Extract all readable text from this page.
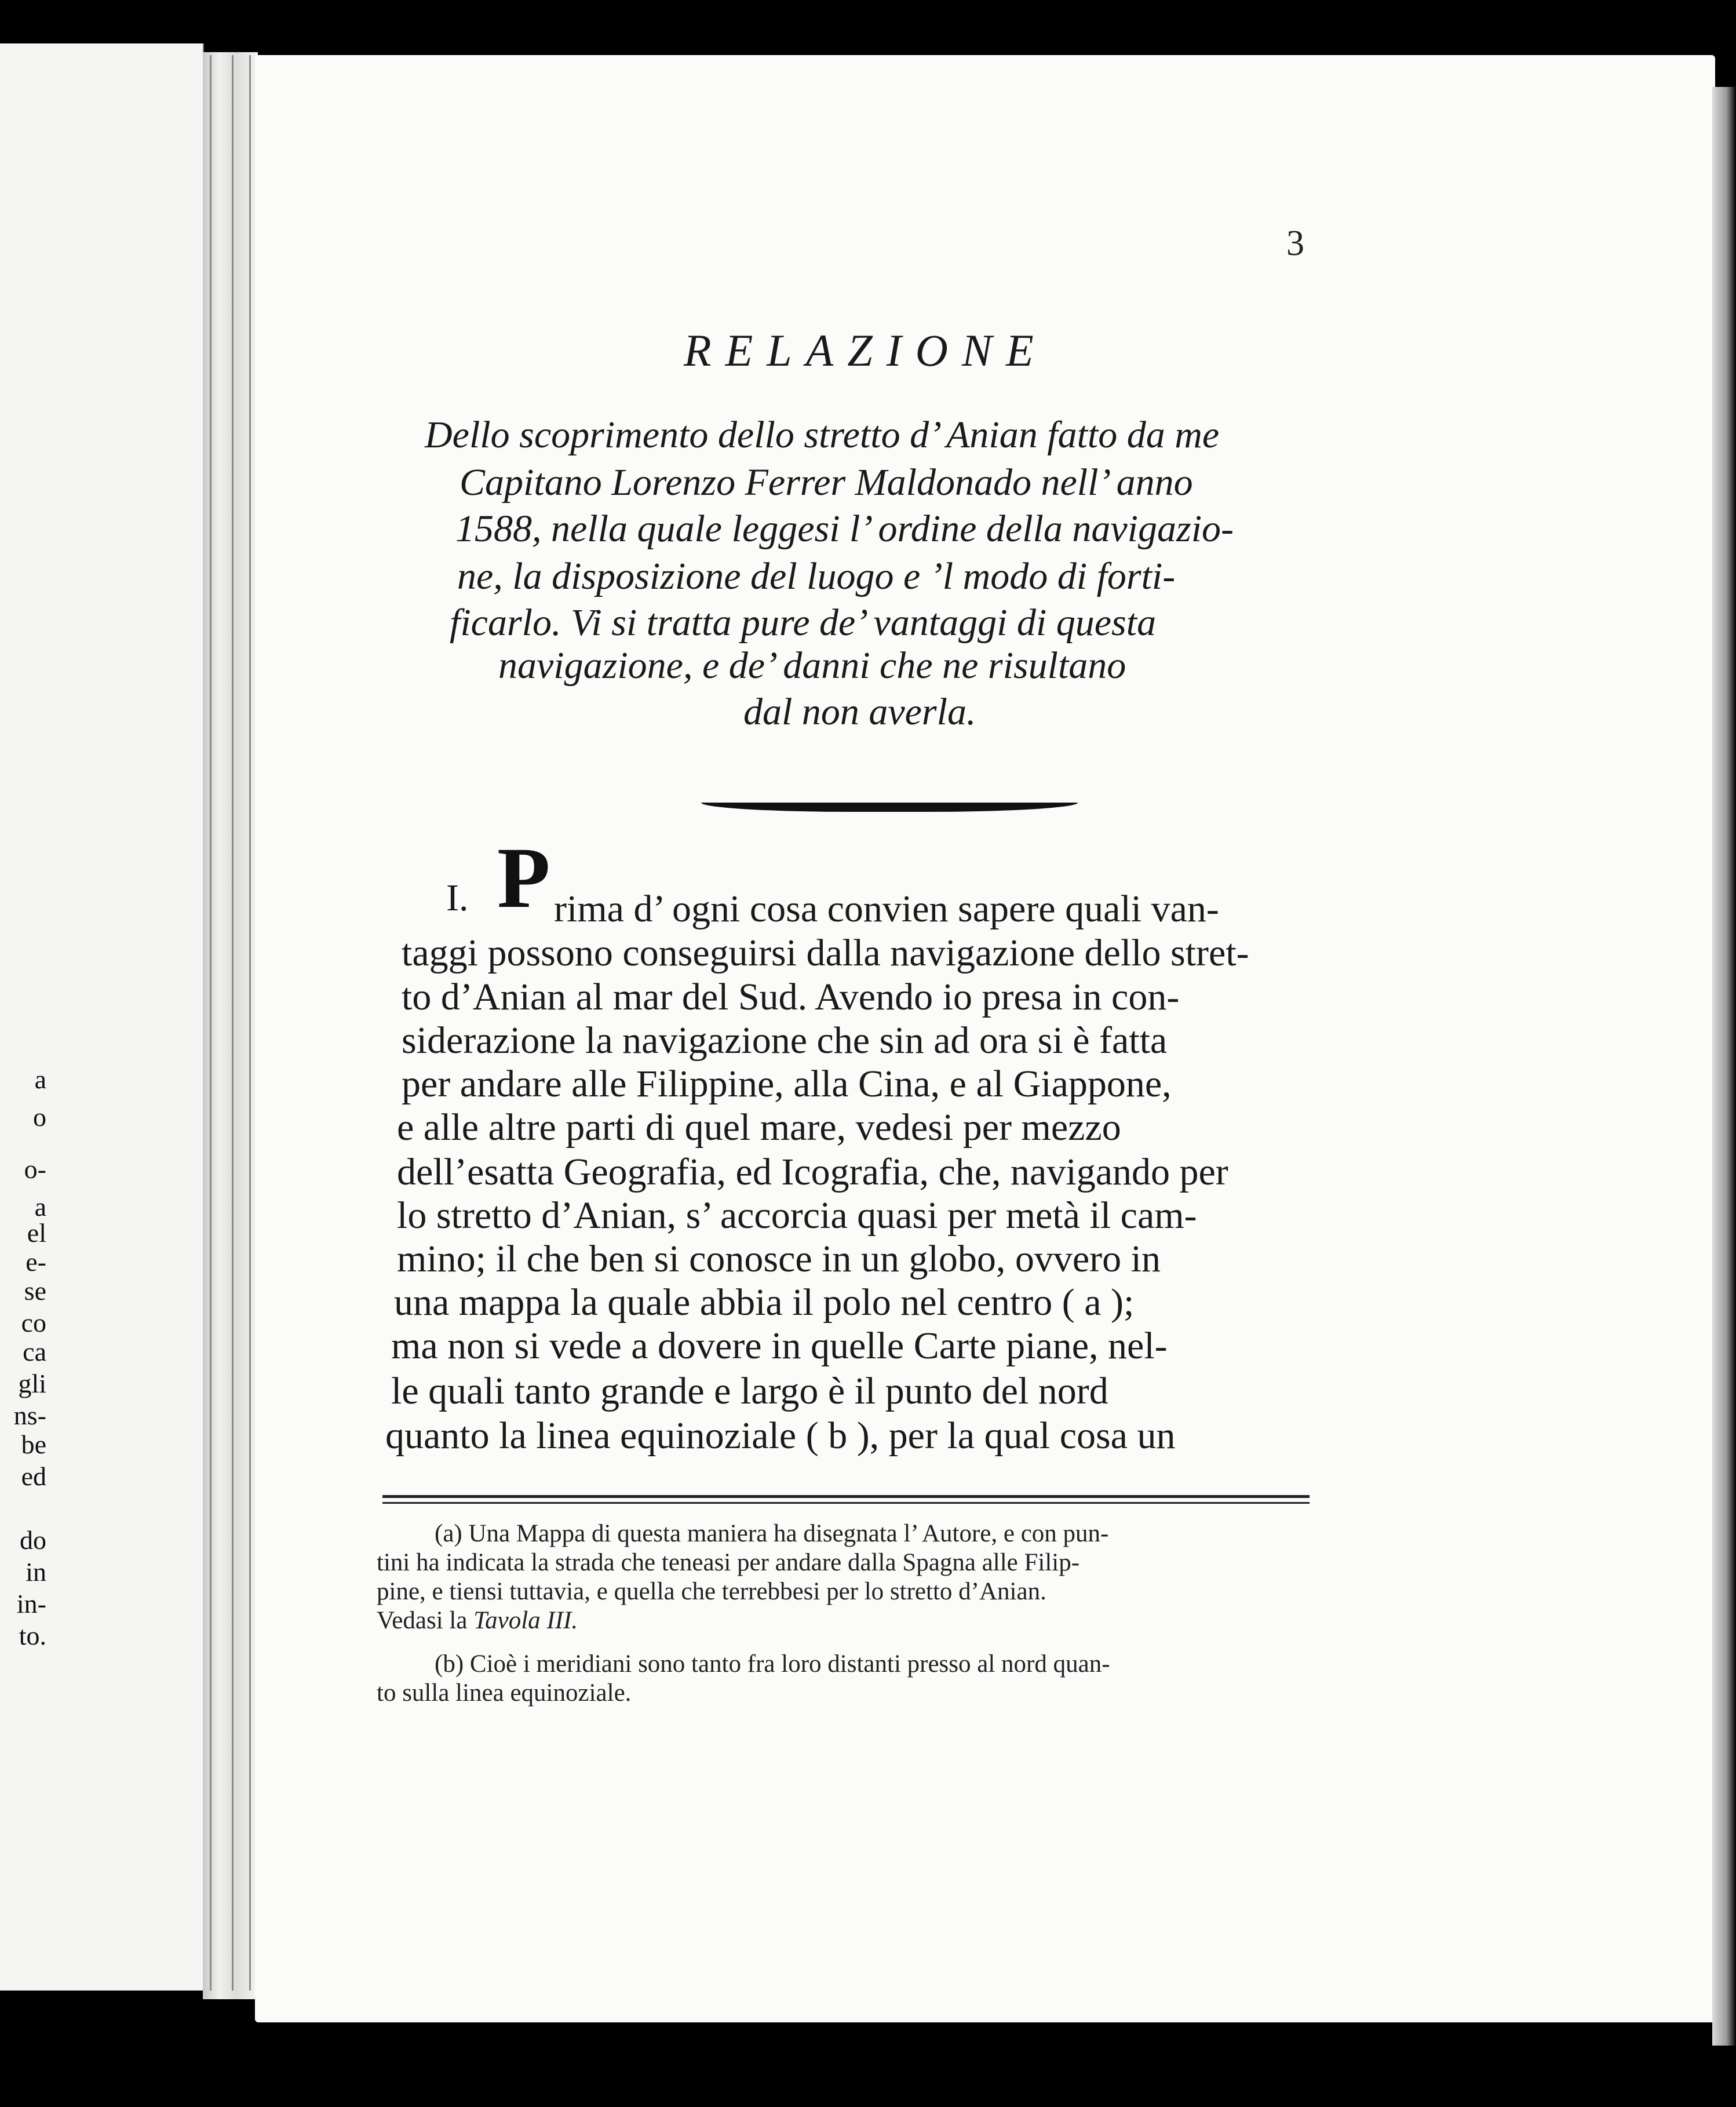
a
o
o-
a
el
e-
se
co
ca
gli
ns-
be
ed
do
in
in-
to.
3
RELAZIONE
Dello scoprimento dello stretto d’ Anian fatto da me
Capitano Lorenzo Ferrer Maldonado nell’ anno
1588, nella quale leggesi l’ ordine della navigazio-
ne, la disposizione del luogo e ’l modo di forti-
ficarlo. Vi si tratta pure de’ vantaggi di questa
navigazione, e de’ danni che ne risultano
dal non averla.
I. P rima d’ ogni cosa convien sapere quali van-
taggi possono conseguirsi dalla navigazione dello stret-
to d’Anian al mar del Sud. Avendo io presa in con-
siderazione la navigazione che sin ad ora si è fatta
per andare alle Filippine, alla Cina, e al Giappone,
e alle altre parti di quel mare, vedesi per mezzo
dell’esatta Geografia, ed Icografia, che, navigando per
lo stretto d’Anian, s’ accorcia quasi per metà il cam-
mino; il che ben si conosce in un globo, ovvero in
una mappa la quale abbia il polo nel centro ( a );
ma non si vede a dovere in quelle Carte piane, nel-
le quali tanto grande e largo è il punto del nord
quanto la linea equinoziale ( b ), per la qual cosa un
(a) Una Mappa di questa maniera ha disegnata l’ Autore, e con pun-
tini ha indicata la strada che teneasi per andare dalla Spagna alle Filip-
pine, e tiensi tuttavia, e quella che terrebbesi per lo stretto d’Anian.
Vedasi la Tavola III.
(b) Cioè i meridiani sono tanto fra loro distanti presso al nord quan-
to sulla linea equinoziale.
